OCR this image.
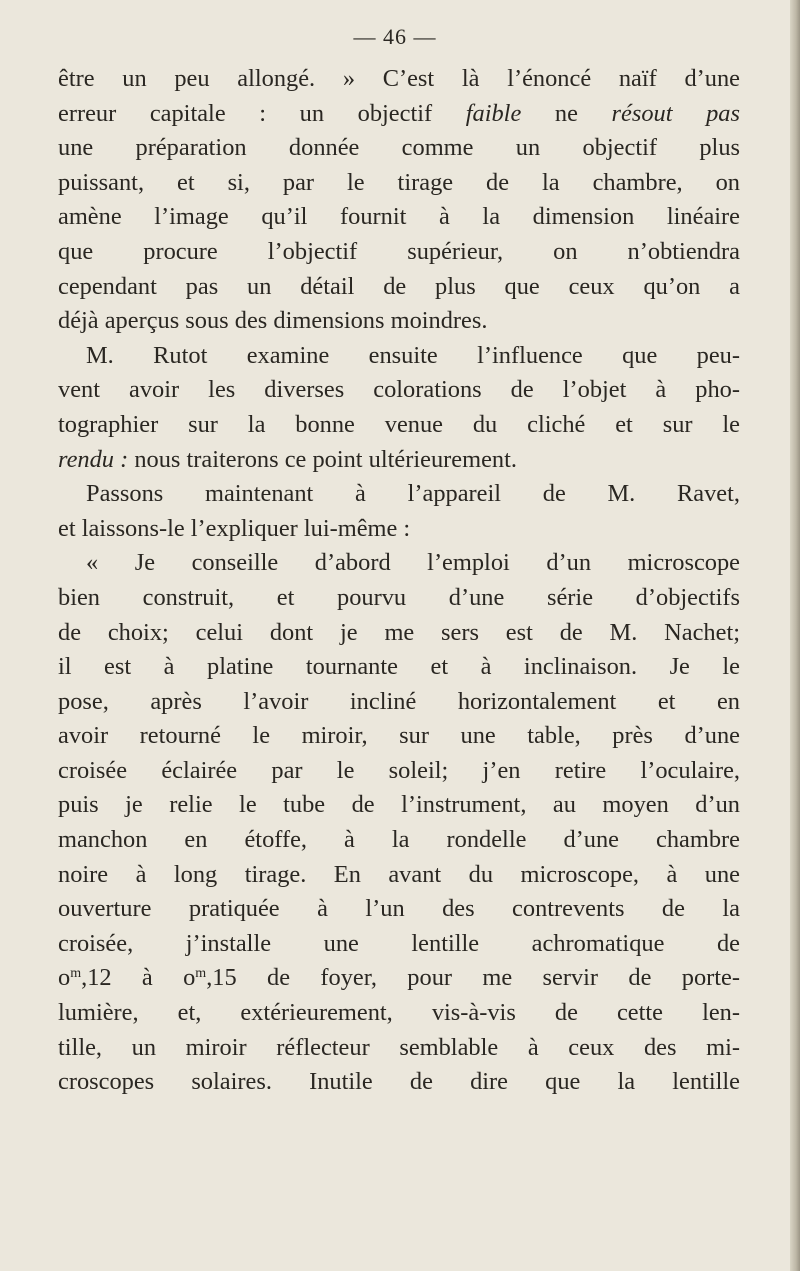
— 46 —
être un peu allongé. » C’est là l’énoncé naïf d’une
erreur capitale : un objectif faible ne résout pas
une préparation donnée comme un objectif plus
puissant, et si, par le tirage de la chambre, on
amène l’image qu’il fournit à la dimension linéaire
que procure l’objectif supérieur, on n’obtiendra
cependant pas un détail de plus que ceux qu’on a
déjà aperçus sous des dimensions moindres.
M. Rutot examine ensuite l’influence que peu-
vent avoir les diverses colorations de l’objet à pho-
tographier sur la bonne venue du cliché et sur le
rendu : nous traiterons ce point ultérieurement.
Passons maintenant à l’appareil de M. Ravet,
et laissons-le l’expliquer lui-même :
« Je conseille d’abord l’emploi d’un microscope
bien construit, et pourvu d’une série d’objectifs
de choix; celui dont je me sers est de M. Nachet;
il est à platine tournante et à inclinaison. Je le
pose, après l’avoir incliné horizontalement et en
avoir retourné le miroir, sur une table, près d’une
croisée éclairée par le soleil; j’en retire l’oculaire,
puis je relie le tube de l’instrument, au moyen d’un
manchon en étoffe, à la rondelle d’une chambre
noire à long tirage. En avant du microscope, à une
ouverture pratiquée à l’un des contrevents de la
croisée, j’installe une lentille achromatique de
$o^m,12$ à $o^m,15$ de foyer, pour me servir de porte-
lumière, et, extérieurement, vis-à-vis de cette len-
tille, un miroir réflecteur semblable à ceux des mi-
croscopes solaires. Inutile de dire que la lentille
